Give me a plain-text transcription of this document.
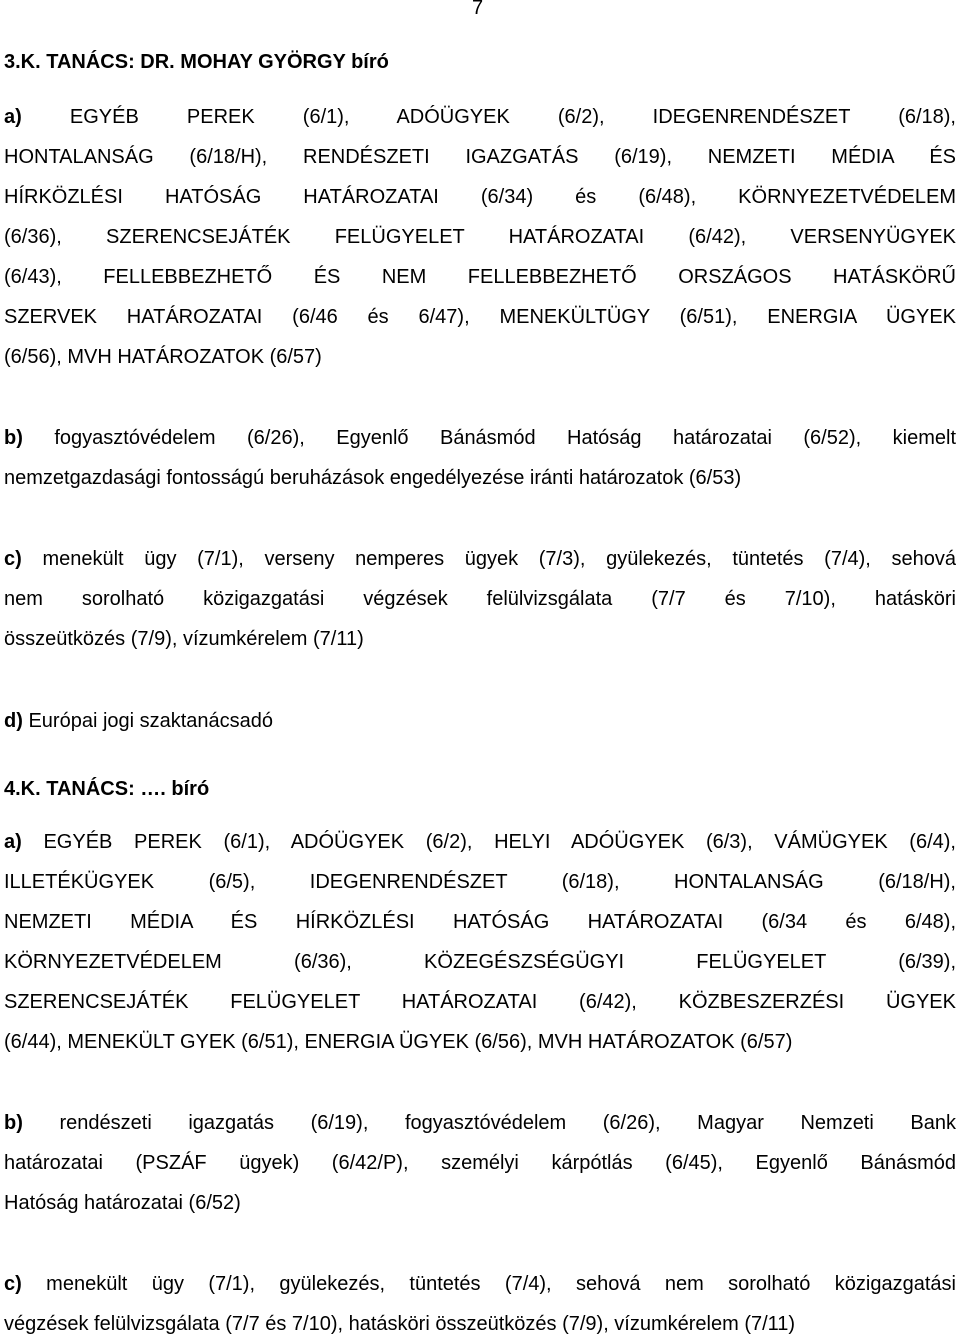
7
3.K. TANÁCS: DR. MOHAY GYÖRGY bíró
a) EGYÉB PEREK (6/1), ADÓÜGYEK (6/2), IDEGENRENDÉSZET (6/18),
HONTALANSÁG (6/18/H), RENDÉSZETI IGAZGATÁS (6/19), NEMZETI MÉDIA ÉS
HÍRKÖZLÉSI HATÓSÁG HATÁROZATAI (6/34) és (6/48), KÖRNYEZETVÉDELEM
(6/36), SZERENCSEJÁTÉK FELÜGYELET HATÁROZATAI (6/42), VERSENYÜGYEK
(6/43), FELLEBBEZHETŐ ÉS NEM FELLEBBEZHETŐ ORSZÁGOS HATÁSKÖRŰ
SZERVEK HATÁROZATAI (6/46 és 6/47), MENEKÜLTÜGY (6/51), ENERGIA ÜGYEK
(6/56), MVH HATÁROZATOK (6/57)
b) fogyasztóvédelem (6/26), Egyenlő Bánásmód Hatóság határozatai (6/52), kiemelt
nemzetgazdasági fontosságú beruházások engedélyezése iránti határozatok (6/53)
c) menekült ügy (7/1), verseny nemperes ügyek (7/3), gyülekezés, tüntetés (7/4), sehová
nem sorolható közigazgatási végzések felülvizsgálata (7/7 és 7/10), hatásköri
összeütközés (7/9), vízumkérelem (7/11)
d) Európai jogi szaktanácsadó
4.K. TANÁCS: …. bíró
a) EGYÉB PEREK (6/1), ADÓÜGYEK (6/2), HELYI ADÓÜGYEK (6/3), VÁMÜGYEK (6/4),
ILLETÉKÜGYEK (6/5), IDEGENRENDÉSZET (6/18), HONTALANSÁG (6/18/H),
NEMZETI MÉDIA ÉS HÍRKÖZLÉSI HATÓSÁG HATÁROZATAI (6/34 és 6/48),
KÖRNYEZETVÉDELEM (6/36), KÖZEGÉSZSÉGÜGYI FELÜGYELET (6/39),
SZERENCSEJÁTÉK FELÜGYELET HATÁROZATAI (6/42), KÖZBESZERZÉSI ÜGYEK
(6/44), MENEKÜLT GYEK (6/51), ENERGIA ÜGYEK (6/56), MVH HATÁROZATOK (6/57)
b) rendészeti igazgatás (6/19), fogyasztóvédelem (6/26), Magyar Nemzeti Bank
határozatai (PSZÁF ügyek) (6/42/P), személyi kárpótlás (6/45), Egyenlő Bánásmód
Hatóság határozatai (6/52)
c) menekült ügy (7/1), gyülekezés, tüntetés (7/4), sehová nem sorolható közigazgatási
végzések felülvizsgálata (7/7 és 7/10), hatásköri összeütközés (7/9), vízumkérelem (7/11)
